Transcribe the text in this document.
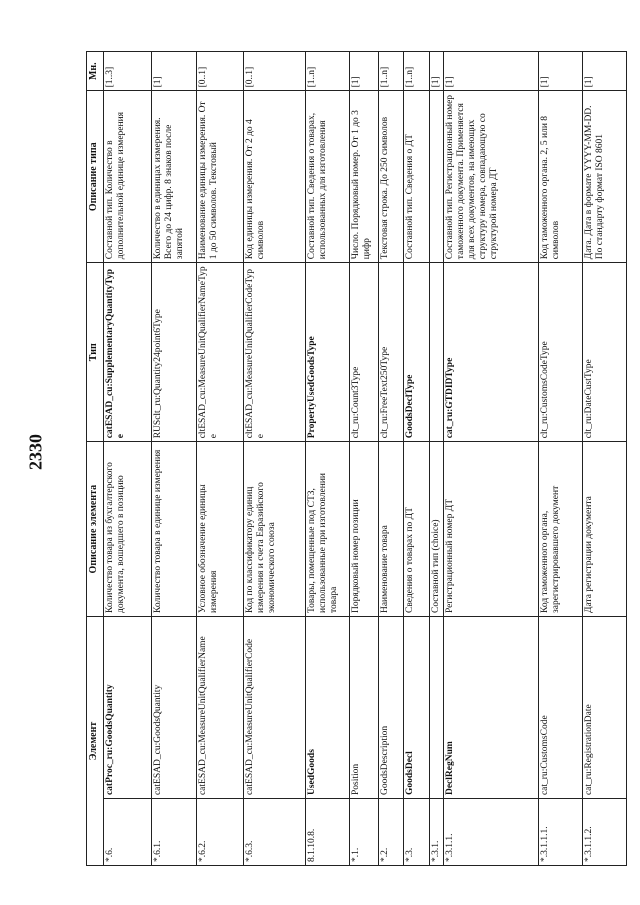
2330
Элемент		Описание элемента	Тип	Описание типа	Мн.
*.6.	catProc_ru:GoodsQuantity	Количество товара из бухгалтерского документа, вошедшего в позицию	catESAD_cu:SupplementaryQuantityType	Составной тип. Количество в дополнительной единице измерения	[1..3]
*.6.1.	catESAD_cu:GoodsQuantity	Количество товара в единице измерения	RUSclt_ru:Quantity24point6Type	Количество в единицах измерения. Всего до 24 цифр. 8 знаков после запятой	[1]
*.6.2.	catESAD_cu:MeasureUnitQualifierName	Условное обозначение единицы измерения	cltESAD_cu:MeasureUnitQualifierNameType	Наименование единицы измерения. От 1 до 50 символов. Текстовый	[0..1]
*.6.3.	catESAD_cu:MeasureUnitQualifierCode	Код по классификатору единиц измерения и счета Евразийского экономического союза	cltESAD_cu:MeasureUnitQualifierCodeType	Код единицы измерения. От 2 до 4 символов	[0..1]
8.1.10.8.	UsedGoods	Товары, помещенные под СТЗ, использованные при изготовлении товара	PropertyUsedGoodsType	Составной тип. Сведения о товарах, использованных для изготовления	[1..n]
*.1.	Position	Порядковый номер позиции	clt_ru:Count3Type	Число. Порядковый номер. От 1 до 3 цифр	[1]
*.2.	GoodsDescription	Наименование товара	clt_ru:FreeText250Type	Текстовая строка. До 250 символов	[1..n]
*.3.	GoodsDecl	Сведения о товарах по ДТ	GoodsDeclType	Составной тип. Сведения о ДТ	[1..n]
*.3.1.		Составной тип (choice)			[1]
*.3.1.1.	DeclRegNum	Регистрационный номер ДТ	cat_ru:GTDIDType	Составной тип. Регистрационный номер таможенного документа. Применяется для всех документов, на имеющих структуру номера, совпадающую со структурой номера ДТ	[1]
*.3.1.1.1.	cat_ru:CustomsCode	Код таможенного органа, зарегистрировавшего документ	clt_ru:CustomsCodeType	Код таможенного органа. 2, 5 или 8 символов	[1]
*.3.1.1.2.	cat_ru:RegistrationDate	Дата регистрации документа	clt_ru:DateCustType	Дата. Дата в формате YYYY-MM-DD. По стандарту формат ISO 8601	[1]
